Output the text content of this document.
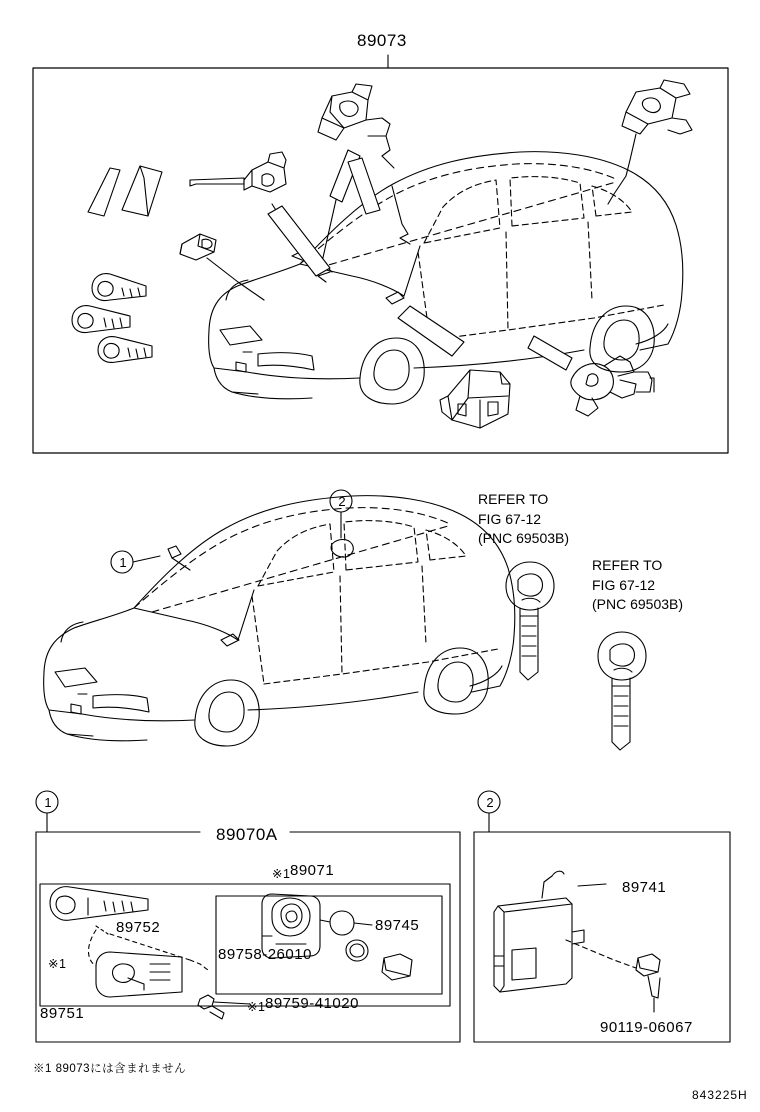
89073
1
2	REFER TO
FIG 67-12
(PNC 69503B)
REFER TO
FIG 67-12
(PNC 69503B)
1	2
89070A
89752
※1
89751
※1 89071
89745
89758-26010
※1 89759-41020
89741
90119-06067
※1 89073には含まれません
843225H
